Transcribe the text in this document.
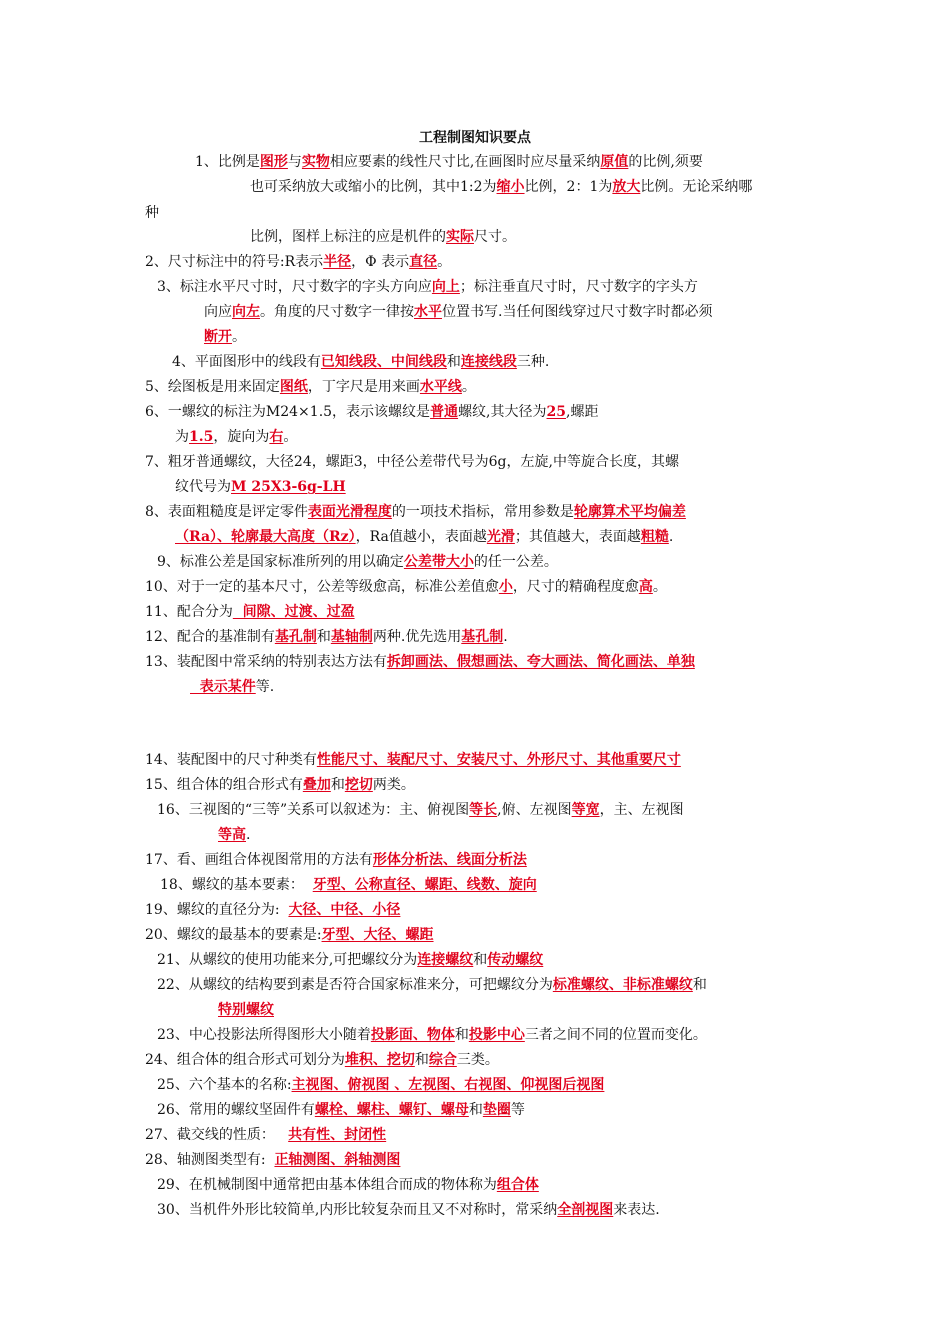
工程制图知识要点
1、比例是图形与实物相应要素的线性尺寸比,在画图时应尽量采纳原值的比例,须要
也可采纳放大或缩小的比例，其中1:2为缩小比例，2：1为放大比例。无论采纳哪
种
比例，图样上标注的应是机件的实际尺寸。
2、尺寸标注中的符号:R表示半径，Φ 表示直径。
3、标注水平尺寸时，尺寸数字的字头方向应向上；标注垂直尺寸时，尺寸数字的字头方
向应向左。角度的尺寸数字一律按水平位置书写.当任何图线穿过尺寸数字时都必须
断开。
4、平面图形中的线段有已知线段、中间线段和连接线段三种.
5、绘图板是用来固定图纸，丁字尺是用来画水平线。
6、一螺纹的标注为M24×1.5，表示该螺纹是普通螺纹,其大径为25,螺距
为1.5，旋向为右。
7、粗牙普通螺纹，大径24，螺距3，中径公差带代号为6g，左旋,中等旋合长度，其螺
纹代号为M 25X3-6g-LH
8、表面粗糙度是评定零件表面光滑程度的一项技术指标，常用参数是轮廓算术平均偏差
（Ra）、轮廓最大高度（Rz），Ra值越小，表面越光滑；其值越大，表面越粗糙.
9、标准公差是国家标准所列的用以确定公差带大小的任一公差。
10、对于一定的基本尺寸，公差等级愈高，标准公差值愈小，尺寸的精确程度愈高。
11、配合分为  间隙、过渡、过盈
12、配合的基准制有基孔制和基轴制两种.优先选用基孔制.
13、装配图中常采纳的特别表达方法有拆卸画法、假想画法、夸大画法、简化画法、单独
表示某件等.
14、装配图中的尺寸种类有性能尺寸、装配尺寸、安装尺寸、外形尺寸、其他重要尺寸
15、组合体的组合形式有叠加和挖切两类。
16、三视图的“三等”关系可以叙述为：主、俯视图等长,俯、左视图等宽，主、左视图
等高.
17、看、画组合体视图常用的方法有形体分析法、线面分析法
18、螺纹的基本要素：  牙型、公称直径、螺距、线数、旋向
19、螺纹的直径分为:  大径、中径、小径
20、螺纹的最基本的要素是:牙型、大径、螺距
21、从螺纹的使用功能来分,可把螺纹分为连接螺纹和传动螺纹
22、从螺纹的结构要到素是否符合国家标准来分，可把螺纹分为标准螺纹、非标准螺纹和
特别螺纹
23、中心投影法所得图形大小随着投影面、物体和投影中心三者之间不同的位置而变化。
24、组合体的组合形式可划分为堆积、挖切和综合三类。
25、六个基本的名称:主视图、俯视图 、左视图、右视图、仰视图后视图
26、常用的螺纹坚固件有螺栓、螺柱、螺钉、螺母和垫圈等
27、截交线的性质：   共有性、封闭性
28、轴测图类型有:  正轴测图、斜轴测图
29、在机械制图中通常把由基本体组合而成的物体称为组合体
30、当机件外形比较简单,内形比较复杂而且又不对称时，常采纳全剖视图来表达.
